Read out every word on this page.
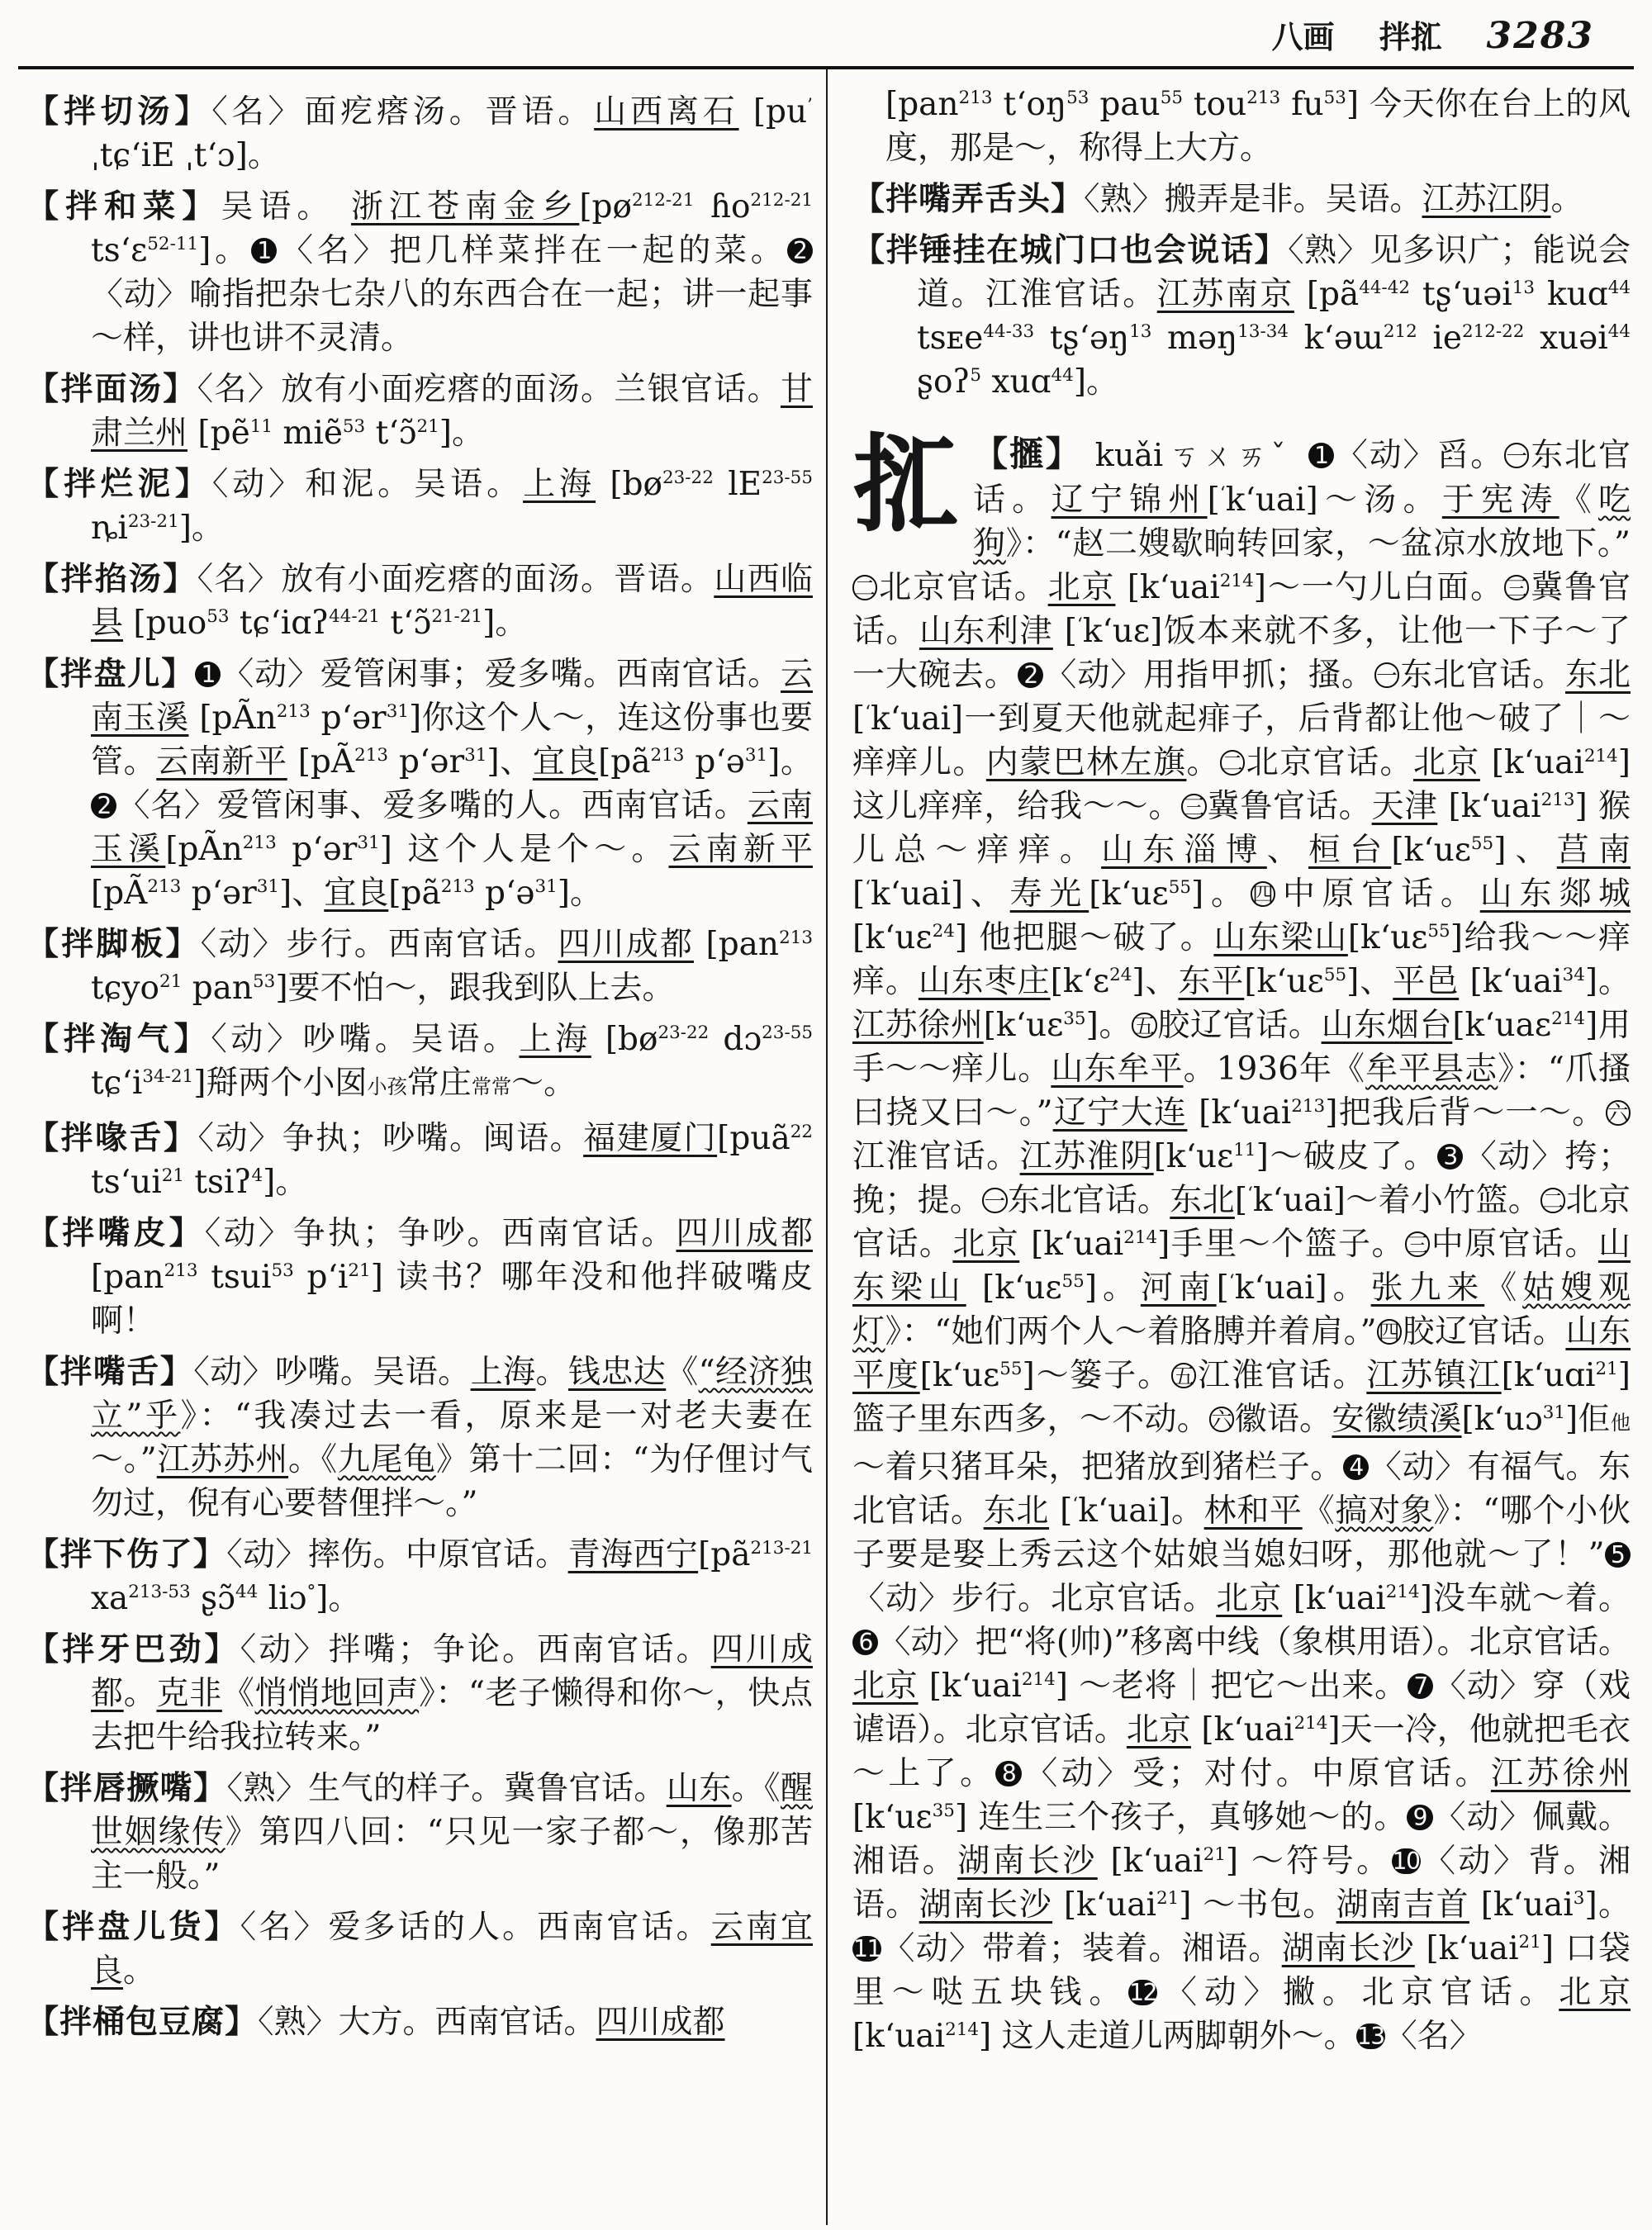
八画 拌㧟 3283
【拌切汤】〈名〉面疙瘩汤。晋语。山西离石 [pu’ ˌtɕ‘iE ˌt‘ɔ]。
【拌和菜】吴语。 浙江苍南金乡[$pø^{212-21}$ ɦo$^{212-21}$ ts‘ɛ$^{52-11}$]。 1 〈名〉把几样菜拌在一起的菜。 2〈动〉喻指把杂七杂八的东西合在一起；讲一起事～样，讲也讲不灵清。
【拌面汤】〈名〉放有小面疙瘩的面汤。兰银官话。甘肃兰州 [pẽ$^{11}$ miẽ$^{53}$ t‘ɔ̃$^{21}$]。
【拌烂泥】〈动〉和泥。吴语。上海 [$bø^{23-22}$ $lE^{23-55}$ $ȵi^{23-21}$]。
【拌掐汤】〈名〉放有小面疙瘩的面汤。晋语。山西临县 [puo$^{53}$ tɕ‘iɑʔ$^{44-21}$ t‘ɔ̃$^{21-21}$]。
【拌盘儿】 1 〈动〉爱管闲事；爱多嘴。西南官话。云南玉溪 [pÃn$^{213}$ p‘ər$^{31}$]你这个人～，连这份事也要管。云南新平 [$pÃ^{213}$ p‘ər$^{31}$]、宜良[$pã^{213}$ p‘ə$^{31}$]。2 〈名〉爱管闲事、爱多嘴的人。西南官话。云南玉溪[pÃn$^{213}$ p‘ər$^{31}$] 这个人是个～。云南新平[$pÃ^{213}$ p‘ər$^{31}$]、宜良[$pã^{213}$ p‘ə$^{31}$]。
【拌脚板】〈动〉步行。西南官话。四川成都 [pan$^{213}$ tɕyo$^{21}$ pan$^{53}$]要不怕～，跟我到队上去。
【拌淘气】〈动〉吵嘴。吴语。上海 [$bø^{23-22}$ dɔ$^{23-55}$ $tɕ‘i^{34-21}$]搿两个小囡小孩常庄常常～。
【拌喙舌】〈动〉争执；吵嘴。闽语。福建厦门[puã$^{22}$ $ts‘ui^{21}$ tsiʔ$^4$]。
【拌嘴皮】〈动〉争执；争吵。西南官话。四川成都 [pan$^{213}$ tsui$^{53}$ $p‘i^{21}$] 读书？哪年没和他拌破嘴皮啊！
【拌嘴舌】〈动〉吵嘴。吴语。上海。钱忠达《“经济独立”乎》：“我凑过去一看，原来是一对老夫妻在～。”江苏苏州。《九尾龟》第十二回：“为仔俚讨气勿过，倪有心要替俚拌～。”
【拌下伤了】〈动〉摔伤。中原官话。青海西宁[$pã^{213-21}$ $xa^{213-53}$ ʂɔ̃$^{44}$ liɔ°]。
【拌牙巴劲】〈动〉拌嘴；争论。西南官话。四川成都。克非《悄悄地回声》：“老子懒得和你～，快点去把牛给我拉转来。”
【拌唇撅嘴】〈熟〉生气的样子。冀鲁官话。山东。《醒世姻缘传》第四八回：“只见一家子都～，像那苦主一般。”
【拌盘儿货】〈名〉爱多话的人。西南官话。云南宜良。
【拌桶包豆腐】〈熟〉大方。西南官话。四川成都
[pan$^{213}$ $t‘oŋ^{53}$ pau$^{55}$ tou$^{213}$ $fu^{53}$] 今天你在台上的风度，那是～，称得上大方。
【拌嘴弄舌头】〈熟〉搬弄是非。吴语。江苏江阴。
【拌锤挂在城门口也会说话】〈熟〉见多识广；能说会道。江淮官话。江苏南京 [$pã^{44-42}$ tʂ‘uəi$^{13}$ kuɑ$^{44}$ tsᴇe$^{44-33}$ tʂ‘əŋ$^{13}$ məŋ$^{13-34}$ k‘əɯ$^{212}$ $ie^{212-22}$ xuəi$^{44}$ ʂoʔ$^5$ xuɑ$^{44}$]。
㧟 【擓】 kuǎi ㄎㄨㄞˇ 1 〈动〉舀。一东北官话。辽宁锦州[‘k‘uai]～汤。于宪涛《吃狗》：“赵二嫂歇晌转回家，～盆凉水放地下。”二北京官话。北京 [k‘uai$^{214}$]～一勺儿白面。三冀鲁官话。山东利津 [‘k‘uɛ]饭本来就不多，让他一下子～了一大碗去。 2 〈动〉用指甲抓；搔。一东北官话。东北[‘k‘uai]一到夏天他就起痱子，后背都让他～破了｜～痒痒儿。内蒙巴林左旗。二北京官话。北京 [k‘uai$^{214}$] 这儿痒痒，给我～～。三冀鲁官话。天津 [k‘uai$^{213}$] 猴儿总～痒痒。山东淄博、桓台[k‘uɛ$^{55}$]、莒南 [‘k‘uai]、寿光[k‘uɛ$^{55}$]。四中原官话。山东郯城 [k‘uɛ$^{24}$] 他把腿～破了。山东梁山[k‘uɛ$^{55}$]给我～～痒痒。山东枣庄[k‘ɛ$^{24}$]、东平[k‘uɛ$^{55}$]、平邑 [k‘uai$^{34}$]。江苏徐州[k‘uɛ$^{35}$]。五胶辽官话。山东烟台[k‘uaɛ$^{214}$]用手～～痒儿。山东牟平。1936年《牟平县志》：“爪搔曰挠又曰～。”辽宁大连 [k‘uai$^{213}$]把我后背～一～。六江淮官话。江苏淮阴[k‘uɛ$^{11}$]～破皮了。 3 〈动〉挎；挽；提。一东北官话。东北[‘k‘uai]～着小竹篮。二北京官话。北京 [k‘uai$^{214}$]手里～个篮子。三中原官话。山东梁山 [k‘uɛ$^{55}$]。河南[‘k‘uai]。张九来《姑嫂观灯》：“她们两个人～着胳膊并着肩。”四胶辽官话。山东平度[k‘uɛ$^{55}$]～篓子。五江淮官话。江苏镇江[k‘uɑi$^{21}$]篮子里东西多，～不动。六徽语。安徽绩溪[k‘uɔ$^{31}$]佢他～着只猪耳朵，把猪放到猪栏子。 4 〈动〉有福气。东北官话。东北 [‘k‘uai]。林和平《搞对象》：“哪个小伙子要是娶上秀云这个姑娘当媳妇呀，那他就～了！” 5〈动〉步行。北京官话。北京 [k‘uai$^{214}$]没车就～着。6 〈动〉把“将(帅)”移离中线（象棋用语）。北京官话。北京 [k‘uai$^{214}$] ～老将｜把它～出来。 7 〈动〉穿（戏谑语）。北京官话。北京 [k‘uai$^{214}$]天一冷，他就把毛衣～上了。 8 〈动〉受；对付。中原官话。江苏徐州 [k‘uɛ$^{35}$] 连生三个孩子，真够她～的。 9 〈动〉佩戴。湘语。湖南长沙 [k‘uai$^{21}$] ～符号。10〈动〉背。湘语。湖南长沙 [k‘uai$^{21}$] ～书包。湖南吉首 [k‘uai$^3$]。11〈动〉带着；装着。湘语。湖南长沙 [k‘uai$^{21}$] 口袋里～哒五块钱。12〈动〉撇。北京官话。北京[k‘uai$^{214}$] 这人走道儿两脚朝外～。13〈名〉
